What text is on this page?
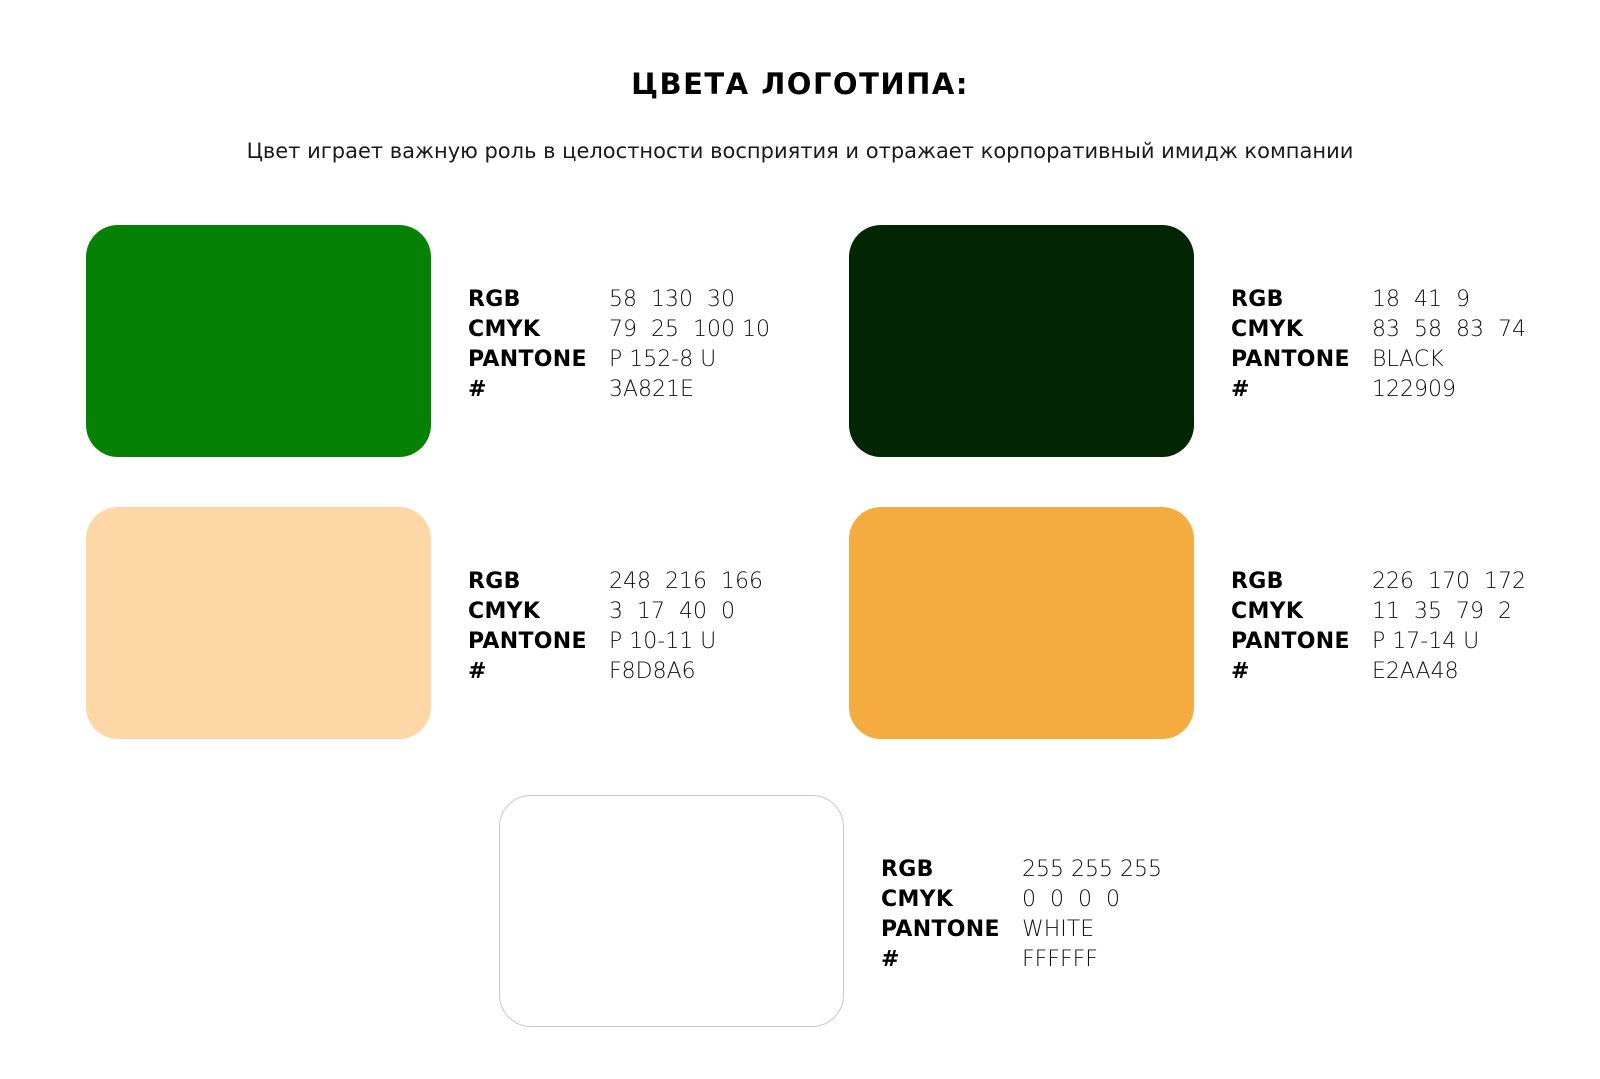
ЦВЕТА ЛОГОТИПА:

Цвет играет важную роль в целостности восприятия и отражает корпоративный имидж компании

RGB	58  130  30
CMYK	79  25  100 10
PANTONE	P 152-8 U
#	3A821E
RGB	18  41  9
CMYK	83  58  83  74
PANTONE	BLACK
#	122909
RGB	248  216  166
CMYK	3  17  40  0
PANTONE	P 10-11 U
#	F8D8A6
RGB	226  170  172
CMYK	11  35  79  2
PANTONE	P 17-14 U
#	E2AA48
RGB	255 255 255
CMYK	0  0  0  0
PANTONE	WHITE
#	FFFFFF
